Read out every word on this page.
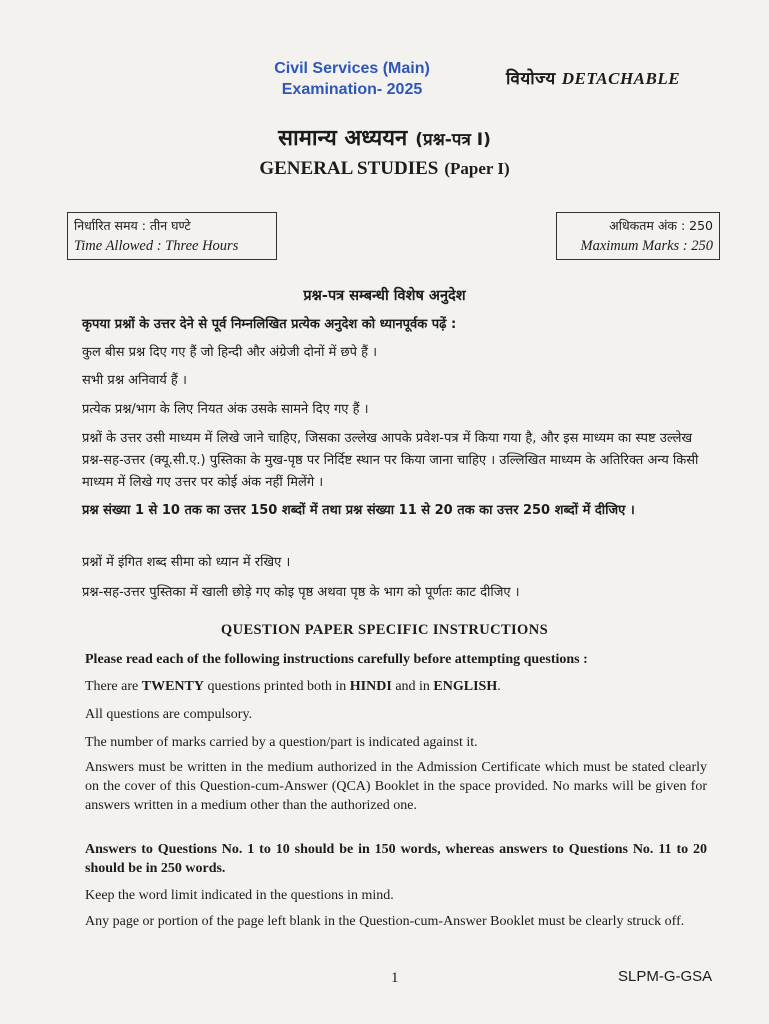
Civil Services (Main)
Examination- 2025
वियोज्य DETACHABLE
सामान्य अध्ययन (प्रश्न-पत्र I)
GENERAL STUDIES (Paper I)
निर्धारित समय : तीन घण्टे
Time Allowed : Three Hours
अधिकतम अंक : 250
Maximum Marks : 250
प्रश्न-पत्र सम्बन्धी विशेष अनुदेश
कृपया प्रश्नों के उत्तर देने से पूर्व निम्नलिखित प्रत्येक अनुदेश को ध्यानपूर्वक पढ़ें :
कुल बीस प्रश्न दिए गए हैं जो हिन्दी और अंग्रेजी दोनों में छपे हैं ।
सभी प्रश्न अनिवार्य हैं ।
प्रत्येक प्रश्न/भाग के लिए नियत अंक उसके सामने दिए गए हैं ।
प्रश्नों के उत्तर उसी माध्यम में लिखे जाने चाहिए, जिसका उल्लेख आपके प्रवेश-पत्र में किया गया है, और इस माध्यम का स्पष्ट उल्लेख प्रश्न-सह-उत्तर (क्यू.सी.ए.) पुस्तिका के मुख-पृष्ठ पर निर्दिष्ट स्थान पर किया जाना चाहिए । उल्लिखित माध्यम के अतिरिक्त अन्य किसी माध्यम में लिखे गए उत्तर पर कोई अंक नहीं मिलेंगे ।
प्रश्न संख्या 1 से 10 तक का उत्तर 150 शब्दों में तथा प्रश्न संख्या 11 से 20 तक का उत्तर 250 शब्दों में दीजिए ।
प्रश्नों में इंगित शब्द सीमा को ध्यान में रखिए ।
प्रश्न-सह-उत्तर पुस्तिका में खाली छोड़े गए कोइ पृष्ठ अथवा पृष्ठ के भाग को पूर्णतः काट दीजिए ।
QUESTION PAPER SPECIFIC INSTRUCTIONS
Please read each of the following instructions carefully before attempting questions :
There are TWENTY questions printed both in HINDI and in ENGLISH.
All questions are compulsory.
The number of marks carried by a question/part is indicated against it.
Answers must be written in the medium authorized in the Admission Certificate which must be stated clearly on the cover of this Question-cum-Answer (QCA) Booklet in the space provided. No marks will be given for answers written in a medium other than the authorized one.
Answers to Questions No. 1 to 10 should be in 150 words, whereas answers to Questions No. 11 to 20 should be in 250 words.
Keep the word limit indicated in the questions in mind.
Any page or portion of the page left blank in the Question-cum-Answer Booklet must be clearly struck off.
1	SLPM-G-GSA
